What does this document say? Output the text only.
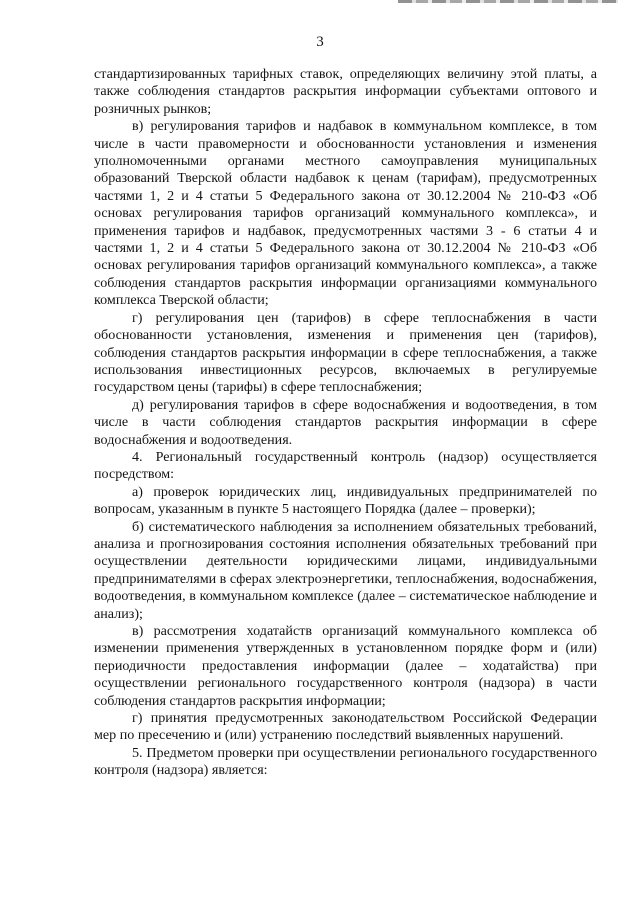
3

стандартизированных тарифных ставок, определяющих величину этой платы, а также соблюдения стандартов раскрытия информации субъектами оптового и розничных рынков;

в) регулирования тарифов и надбавок в коммунальном комплексе, в том числе в части правомерности и обоснованности установления и изменения уполномоченными органами местного самоуправления муниципальных образований Тверской области надбавок к ценам (тарифам), предусмотренных частями 1, 2 и 4 статьи 5 Федерального закона от 30.12.2004 № 210-ФЗ «Об основах регулирования тарифов организаций коммунального комплекса», и применения тарифов и надбавок, предусмотренных частями 3 - 6 статьи 4 и частями 1, 2 и 4 статьи 5 Федерального закона от 30.12.2004 № 210-ФЗ «Об основах регулирования тарифов организаций коммунального комплекса», а также соблюдения стандартов раскрытия информации организациями коммунального комплекса Тверской области;

г) регулирования цен (тарифов) в сфере теплоснабжения в части обоснованности установления, изменения и применения цен (тарифов), соблюдения стандартов раскрытия информации в сфере теплоснабжения, а также использования инвестиционных ресурсов, включаемых в регулируемые государством цены (тарифы) в сфере теплоснабжения;

д) регулирования тарифов в сфере водоснабжения и водоотведения, в том числе в части соблюдения стандартов раскрытия информации в сфере водоснабжения и водоотведения.

4. Региональный государственный контроль (надзор) осуществляется посредством:

а) проверок юридических лиц, индивидуальных предпринимателей по вопросам, указанным в пункте 5 настоящего Порядка (далее – проверки);

б) систематического наблюдения за исполнением обязательных требований, анализа и прогнозирования состояния исполнения обязательных требований при осуществлении деятельности юридическими лицами, индивидуальными предпринимателями в сферах электроэнергетики, теплоснабжения, водоснабжения, водоотведения, в коммунальном комплексе (далее – систематическое наблюдение и анализ);

в) рассмотрения ходатайств организаций коммунального комплекса об изменении применения утвержденных в установленном порядке форм и (или) периодичности предоставления информации (далее – ходатайства) при осуществлении регионального государственного контроля (надзора) в части соблюдения стандартов раскрытия информации;

г) принятия предусмотренных законодательством Российской Федерации мер по пресечению и (или) устранению последствий выявленных нарушений.

5. Предметом проверки при осуществлении регионального государственного контроля (надзора) является:
